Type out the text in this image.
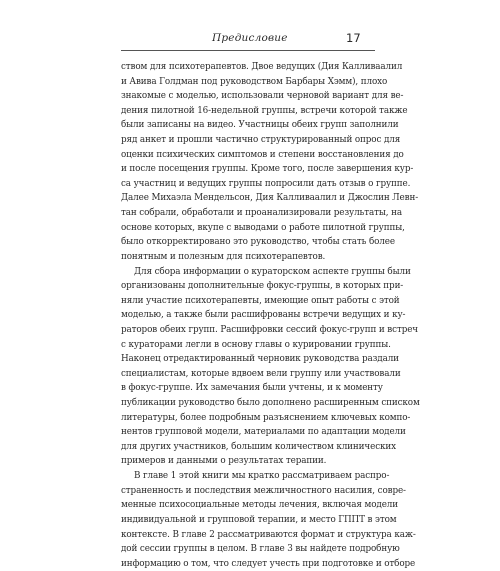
Предисловие	17
ством для психотерапевтов. Двое ведущих (Дия Калливаалил
и Авива Голдман под руководством Барбары Хэмм), плохо
знакомые с моделью, использовали черновой вариант для ве-
дения пилотной 16-недельной группы, встречи которой также
были записаны на видео. Участницы обеих групп заполнили
ряд анкет и прошли частично структурированный опрос для
оценки психических симптомов и степени восстановления до
и после посещения группы. Кроме того, после завершения кур-
са участниц и ведущих группы попросили дать отзыв о группе.
Далее Михаэла Мендельсон, Дия Калливаалил и Джослин Левн-
тан собрали, обработали и проанализировали результаты, на
основе которых, вкупе с выводами о работе пилотной группы,
было откорректировано это руководство, чтобы стать более
понятным и полезным для психотерапевтов.
Для сбора информации о кураторском аспекте группы были
организованы дополнительные фокус-группы, в которых при-
няли участие психотерапевты, имеющие опыт работы с этой
моделью, а также были расшифрованы встречи ведущих и ку-
раторов обеих групп. Расшифровки сессий фокус-групп и встреч
с кураторами легли в основу главы о курировании группы.
Наконец отредактированный черновик руководства раздали
специалистам, которые вдвоем вели группу или участвовали
в фокус-группе. Их замечания были учтены, и к моменту
публикации руководство было дополнено расширенным списком
литературы, более подробным разъяснением ключевых компо-
нентов групповой модели, материалами по адаптации модели
для других участников, большим количеством клинических
примеров и данными о результатах терапии.
В главе 1 этой книги мы кратко рассматриваем распро-
страненность и последствия межличностного насилия, совре-
менные психосоциальные методы лечения, включая модели
индивидуальной и групповой терапии, и место ГППТ в этом
контексте. В главе 2 рассматриваются формат и структура каж-
дой сессии группы в целом. В главе 3 вы найдете подробную
информацию о том, что следует учесть при подготовке и отборе
